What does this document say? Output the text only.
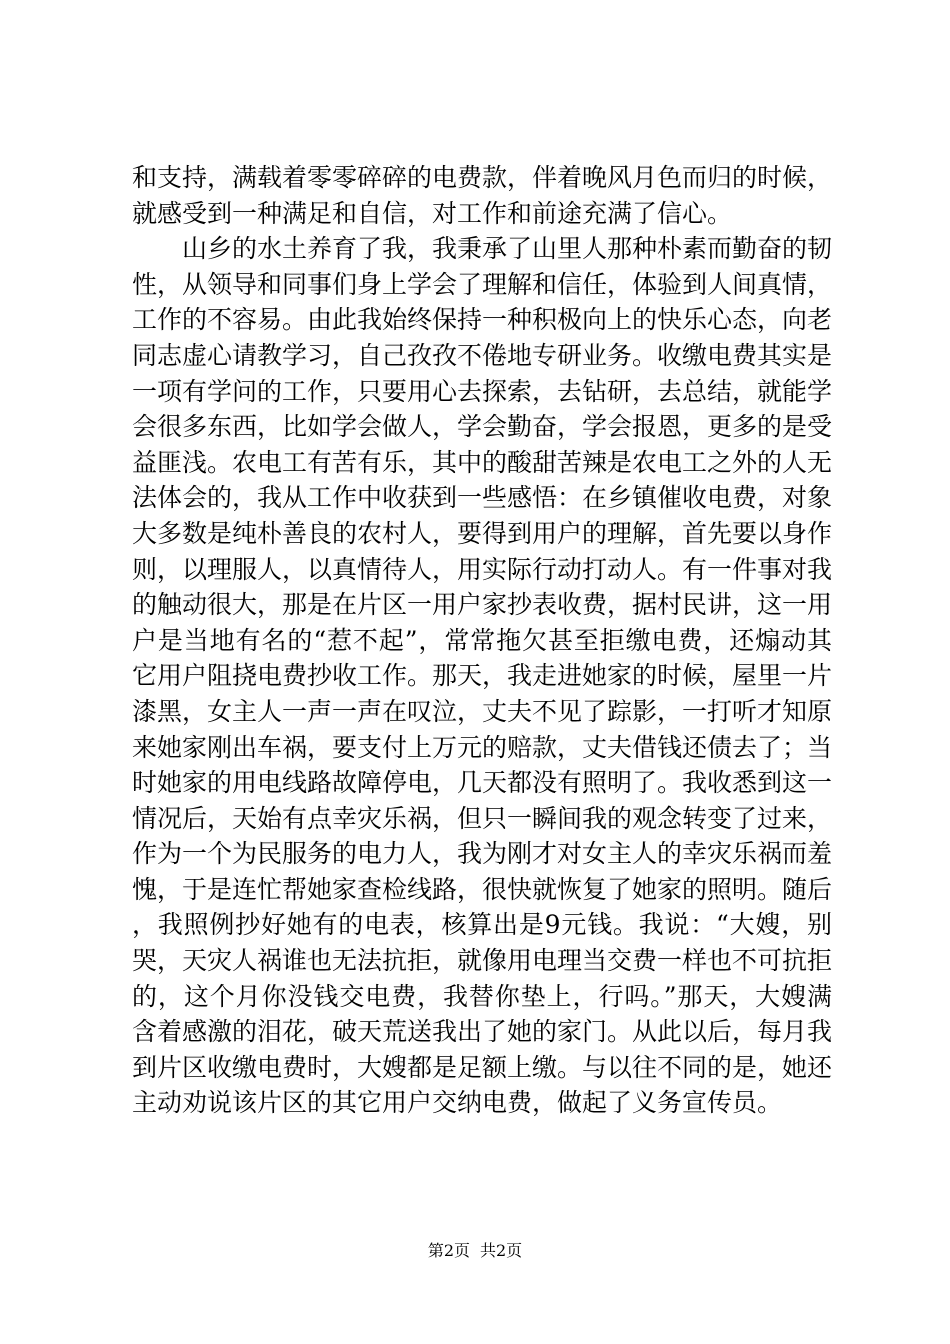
和支持，满载着零零碎碎的电费款，伴着晚风月色而归的时候，就感受到一种满足和自信，对工作和前途充满了信心。

山乡的水土养育了我，我秉承了山里人那种朴素而勤奋的韧性，从领导和同事们身上学会了理解和信任，体验到人间真情，工作的不容易。由此我始终保持一种积极向上的快乐心态，向老同志虚心请教学习，自己孜孜不倦地专研业务。收缴电费其实是一项有学问的工作，只要用心去探索，去钻研，去总结，就能学会很多东西，比如学会做人，学会勤奋，学会报恩，更多的是受益匪浅。农电工有苦有乐，其中的酸甜苦辣是农电工之外的人无法体会的，我从工作中收获到一些感悟：在乡镇催收电费，对象大多数是纯朴善良的农村人，要得到用户的理解，首先要以身作则，以理服人，以真情待人，用实际行动打动人。有一件事对我的触动很大，那是在片区一用户家抄表收费，据村民讲，这一用户是当地有名的“惹不起”，常常拖欠甚至拒缴电费，还煽动其它用户阻挠电费抄收工作。那天，我走进她家的时候，屋里一片漆黑，女主人一声一声在叹泣，丈夫不见了踪影，一打听才知原来她家刚出车祸，要支付上万元的赔款，丈夫借钱还债去了；当时她家的用电线路故障停电，几天都没有照明了。我收悉到这一情况后，天始有点幸灾乐祸，但只一瞬间我的观念转变了过来，作为一个为民服务的电力人，我为刚才对女主人的幸灾乐祸而羞愧，于是连忙帮她家查检线路，很快就恢复了她家的照明。随后，我照例抄好她有的电表，核算出是9元钱。我说：“大嫂，别哭，天灾人祸谁也无法抗拒，就像用电理当交费一样也不可抗拒的，这个月你没钱交电费，我替你垫上，行吗。”那天，大嫂满含着感激的泪花，破天荒送我出了她的家门。从此以后，每月我到片区收缴电费时，大嫂都是足额上缴。与以往不同的是，她还主动劝说该片区的其它用户交纳电费，做起了义务宣传员。

第2页 共2页
